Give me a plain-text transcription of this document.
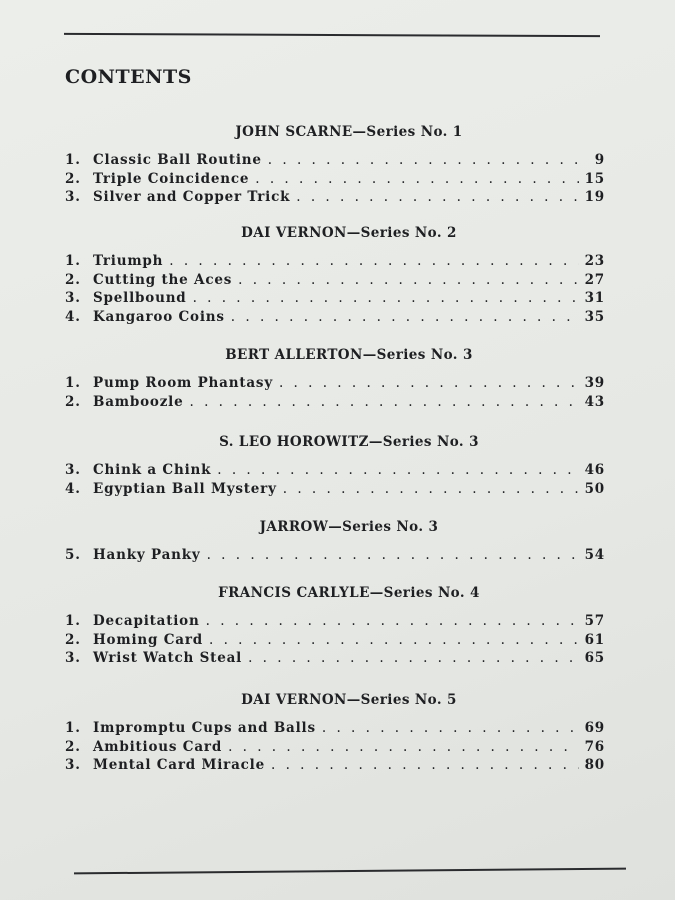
CONTENTS
JOHN SCARNE—Series No. 1
1. Classic Ball Routine . . .	9
2. Triple Coincidence . . .	15
3. Silver and Copper Trick . . .	19
DAI VERNON—Series No. 2
1. Triumph . . .	23
2. Cutting the Aces . . .	27
3. Spellbound . . .	31
4. Kangaroo Coins . . .	35
BERT ALLERTON—Series No. 3
1. Pump Room Phantasy . . .	39
2. Bamboozle . . .	43
S. LEO HOROWITZ—Series No. 3
3. Chink a Chink . . .	46
4. Egyptian Ball Mystery . . .	50
JARROW—Series No. 3
5. Hanky Panky . . .	54
FRANCIS CARLYLE—Series No. 4
1. Decapitation . . .	57
2. Homing Card . . .	61
3. Wrist Watch Steal . . .	65
DAI VERNON—Series No. 5
1. Impromptu Cups and Balls . . .	69
2. Ambitious Card . . .	76
3. Mental Card Miracle . . .	80
